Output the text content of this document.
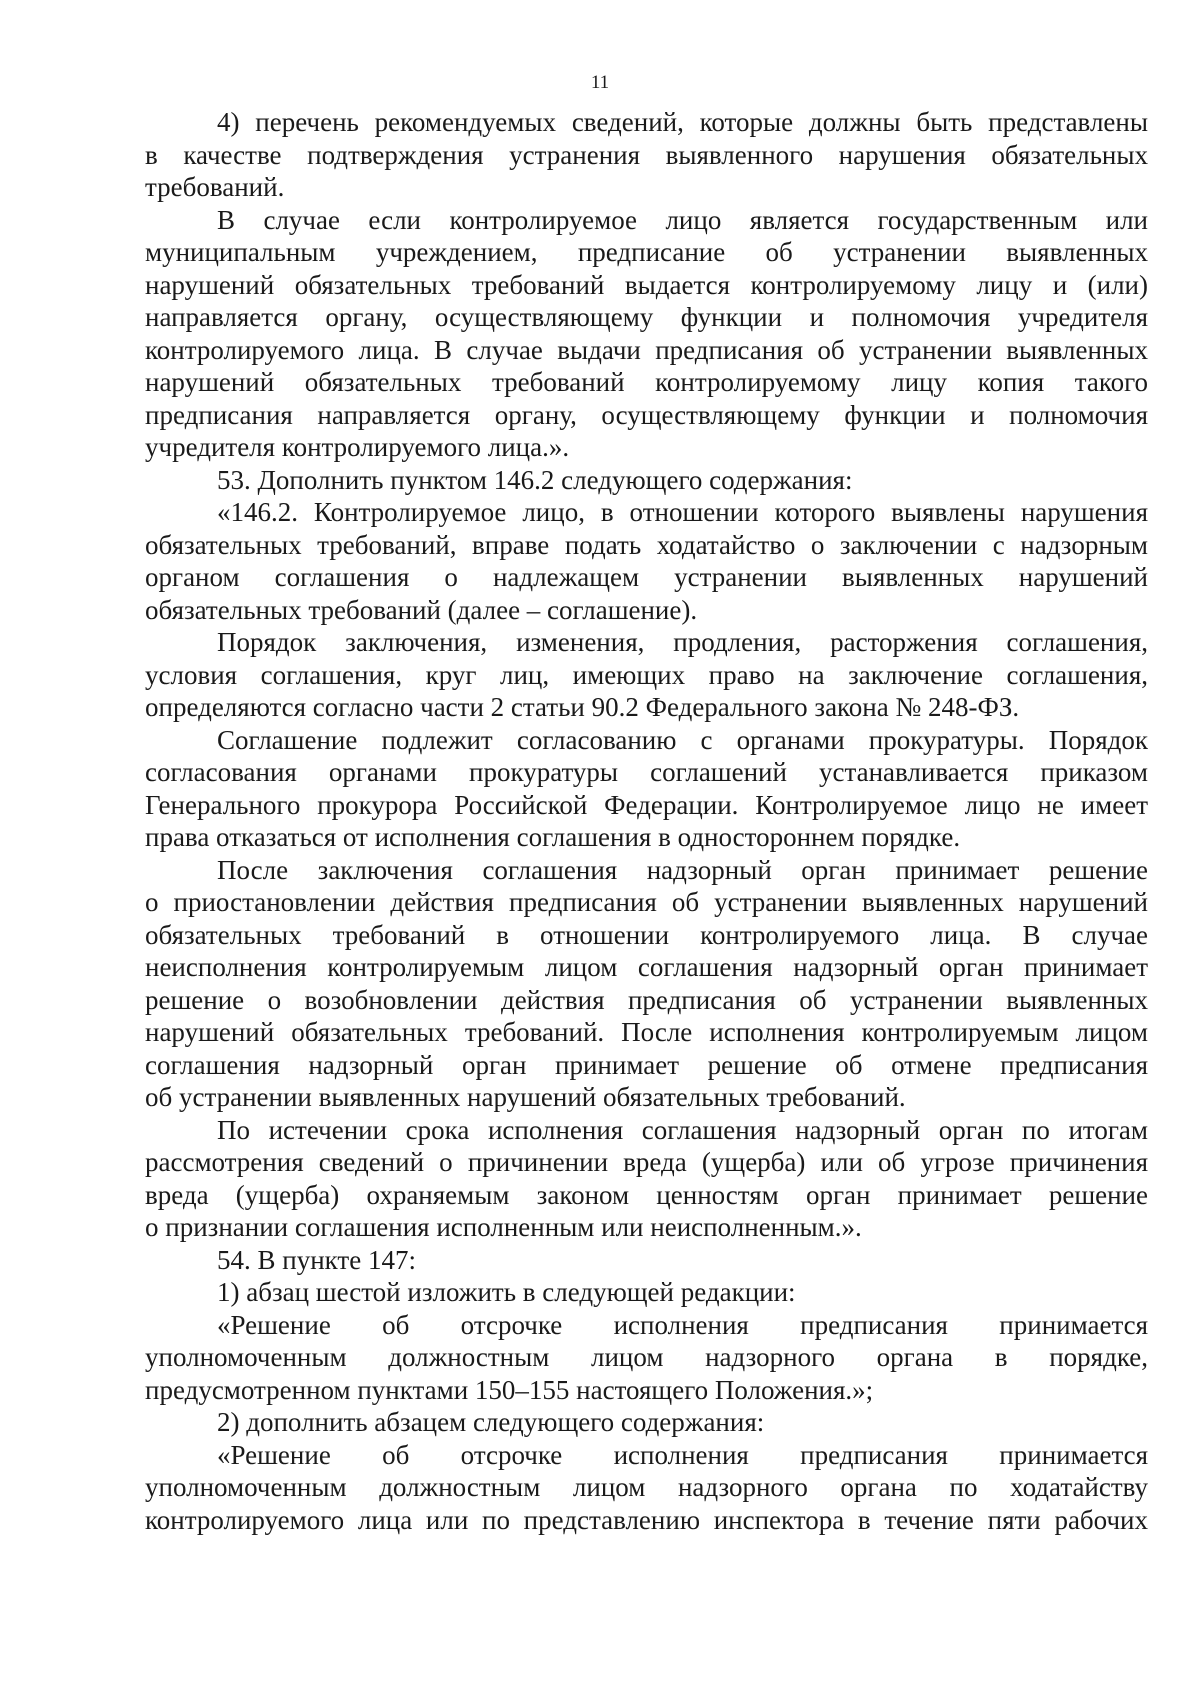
11
4) перечень рекомендуемых сведений, которые должны быть представлены
в качестве подтверждения устранения выявленного нарушения обязательных
требований.
В случае если контролируемое лицо является государственным или
муниципальным учреждением, предписание об устранении выявленных
нарушений обязательных требований выдается контролируемому лицу и (или)
направляется органу, осуществляющему функции и полномочия учредителя
контролируемого лица. В случае выдачи предписания об устранении выявленных
нарушений обязательных требований контролируемому лицу копия такого
предписания направляется органу, осуществляющему функции и полномочия
учредителя контролируемого лица.».
53. Дополнить пунктом 146.2 следующего содержания:
«146.2. Контролируемое лицо, в отношении которого выявлены нарушения
обязательных требований, вправе подать ходатайство о заключении с надзорным
органом соглашения о надлежащем устранении выявленных нарушений
обязательных требований (далее – соглашение).
Порядок заключения, изменения, продления, расторжения соглашения,
условия соглашения, круг лиц, имеющих право на заключение соглашения,
определяются согласно части 2 статьи 90.2 Федерального закона № 248-ФЗ.
Соглашение подлежит согласованию с органами прокуратуры. Порядок
согласования органами прокуратуры соглашений устанавливается приказом
Генерального прокурора Российской Федерации. Контролируемое лицо не имеет
права отказаться от исполнения соглашения в одностороннем порядке.
После заключения соглашения надзорный орган принимает решение
о приостановлении действия предписания об устранении выявленных нарушений
обязательных требований в отношении контролируемого лица. В случае
неисполнения контролируемым лицом соглашения надзорный орган принимает
решение о возобновлении действия предписания об устранении выявленных
нарушений обязательных требований. После исполнения контролируемым лицом
соглашения надзорный орган принимает решение об отмене предписания
об устранении выявленных нарушений обязательных требований.
По истечении срока исполнения соглашения надзорный орган по итогам
рассмотрения сведений о причинении вреда (ущерба) или об угрозе причинения
вреда (ущерба) охраняемым законом ценностям орган принимает решение
о признании соглашения исполненным или неисполненным.».
54. В пункте 147:
1) абзац шестой изложить в следующей редакции:
«Решение об отсрочке исполнения предписания принимается
уполномоченным должностным лицом надзорного органа в порядке,
предусмотренном пунктами 150–155 настоящего Положения.»;
2) дополнить абзацем следующего содержания:
«Решение об отсрочке исполнения предписания принимается
уполномоченным должностным лицом надзорного органа по ходатайству
контролируемого лица или по представлению инспектора в течение пяти рабочих
